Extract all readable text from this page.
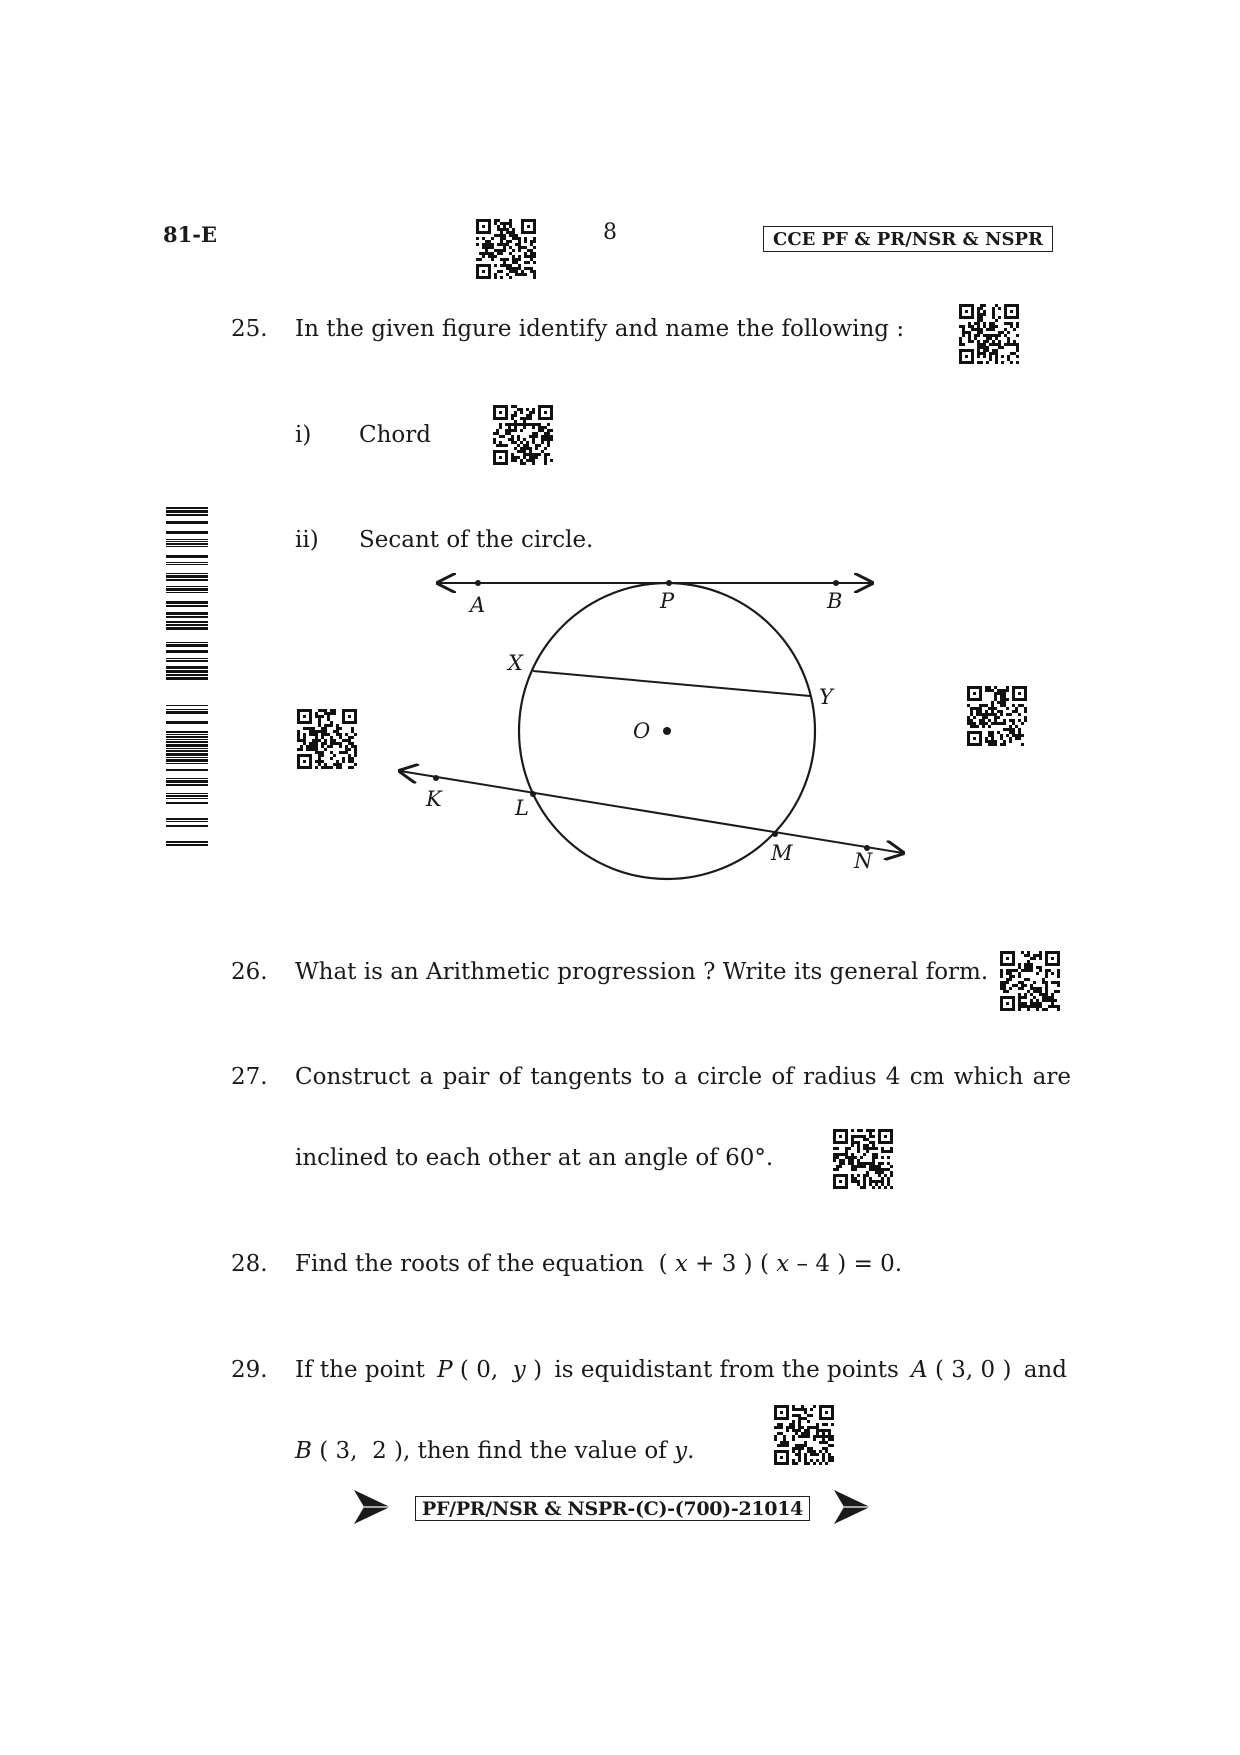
81-E	8	CCE PF & PR/NSR & NSPR
25. In the given figure identify and name the following :
i) Chord
ii) Secant of the circle.
A	P	B
X
Y
O
K	L
M	N
26. What is an Arithmetic progression ? Write its general form.
27. Construct a pair of tangents to a circle of radius 4 cm which are
inclined to each other at an angle of 60°.
28. Find the roots of the equation  ( x + 3 ) ( x – 4 ) = 0.
29. If the point P ( 0,  y ) is equidistant from the points A ( 3, 0 ) and
B ( 3,  2 ), then find the value of y.
PF/PR/NSR & NSPR-(C)-(700)-21014
